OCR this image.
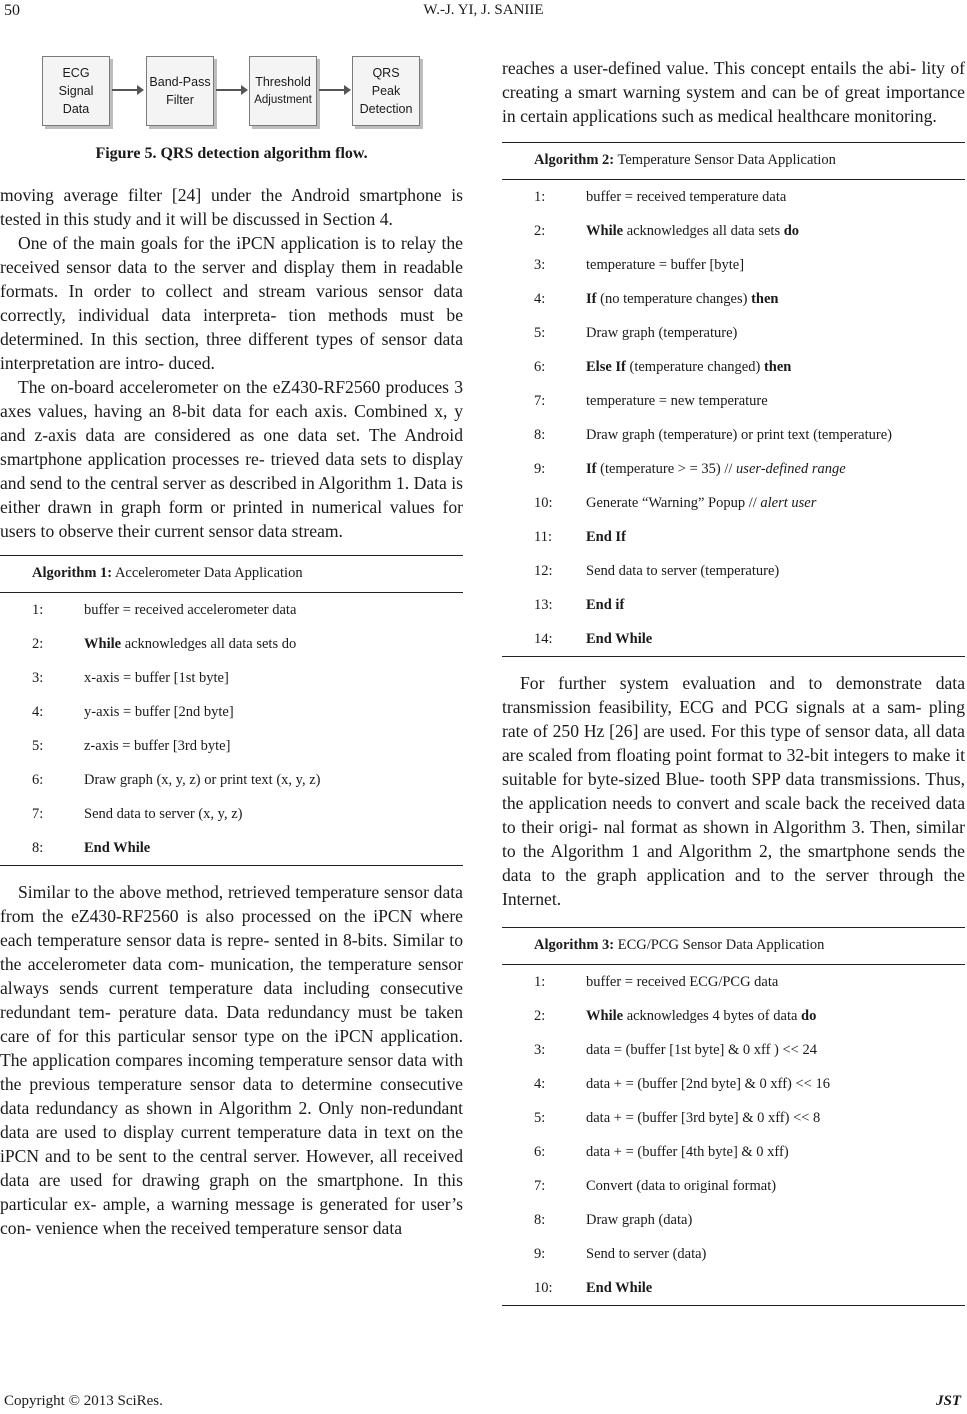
50	W.-J. YI, J. SANIIE
ECG
Signal
Data
Band-Pass
Filter
Threshold
Adjustment
QRS
Peak
Detection
Figure 5. QRS detection algorithm flow.

moving average filter [24] under the Android smartphone is tested in this study and it will be discussed in Section 4.

One of the main goals for the iPCN application is to relay the received sensor data to the server and display them in readable formats. In order to collect and stream various sensor data correctly, individual data interpreta- tion methods must be determined. In this section, three different types of sensor data interpretation are intro- duced.

The on-board accelerometer on the eZ430-RF2560 produces 3 axes values, having an 8-bit data for each axis. Combined x, y and z-axis data are considered as one data set. The Android smartphone application processes re- trieved data sets to display and send to the central server as described in Algorithm 1. Data is either drawn in graph form or printed in numerical values for users to observe their current sensor data stream.

Algorithm 1: Accelerometer Data Application
1:	buffer = received accelerometer data
2:	While acknowledges all data sets do
3:	x-axis = buffer [1st byte]
4:	y-axis = buffer [2nd byte]
5:	z-axis = buffer [3rd byte]
6:	Draw graph (x, y, z) or print text (x, y, z)
7:	Send data to server (x, y, z)
8:	End While

Similar to the above method, retrieved temperature sensor data from the eZ430-RF2560 is also processed on the iPCN where each temperature sensor data is repre- sented in 8-bits. Similar to the accelerometer data com- munication, the temperature sensor always sends current temperature data including consecutive redundant tem- perature data. Data redundancy must be taken care of for this particular sensor type on the iPCN application. The application compares incoming temperature sensor data with the previous temperature sensor data to determine consecutive data redundancy as shown in Algorithm 2. Only non-redundant data are used to display current temperature data in text on the iPCN and to be sent to the central server. However, all received data are used for drawing graph on the smartphone. In this particular ex- ample, a warning message is generated for user’s con- venience when the received temperature sensor data

reaches a user-defined value. This concept entails the abi- lity of creating a smart warning system and can be of great importance in certain applications such as medical healthcare monitoring.

Algorithm 2: Temperature Sensor Data Application
1:	buffer = received temperature data
2:	While acknowledges all data sets do
3:	temperature = buffer [byte]
4:	If (no temperature changes) then
5:	Draw graph (temperature)
6:	Else If (temperature changed) then
7:	temperature = new temperature
8:	Draw graph (temperature) or print text (temperature)
9:	If (temperature > = 35) // user-defined range
10:	Generate “Warning” Popup // alert user
11:	End If
12:	Send data to server (temperature)
13:	End if
14:	End While

For further system evaluation and to demonstrate data transmission feasibility, ECG and PCG signals at a sam- pling rate of 250 Hz [26] are used. For this type of sensor data, all data are scaled from floating point format to 32-bit integers to make it suitable for byte-sized Blue- tooth SPP data transmissions. Thus, the application needs to convert and scale back the received data to their origi- nal format as shown in Algorithm 3. Then, similar to the Algorithm 1 and Algorithm 2, the smartphone sends the data to the graph application and to the server through the Internet.

Algorithm 3: ECG/PCG Sensor Data Application
1:	buffer = received ECG/PCG data
2:	While acknowledges 4 bytes of data do
3:	data = (buffer [1st byte] & 0 xff ) << 24
4:	data + = (buffer [2nd byte] & 0 xff) << 16
5:	data + = (buffer [3rd byte] & 0 xff) << 8
6:	data + = (buffer [4th byte] & 0 xff)
7:	Convert (data to original format)
8:	Draw graph (data)
9:	Send to server (data)
10:	End While
Copyright © 2013 SciRes.	JST
